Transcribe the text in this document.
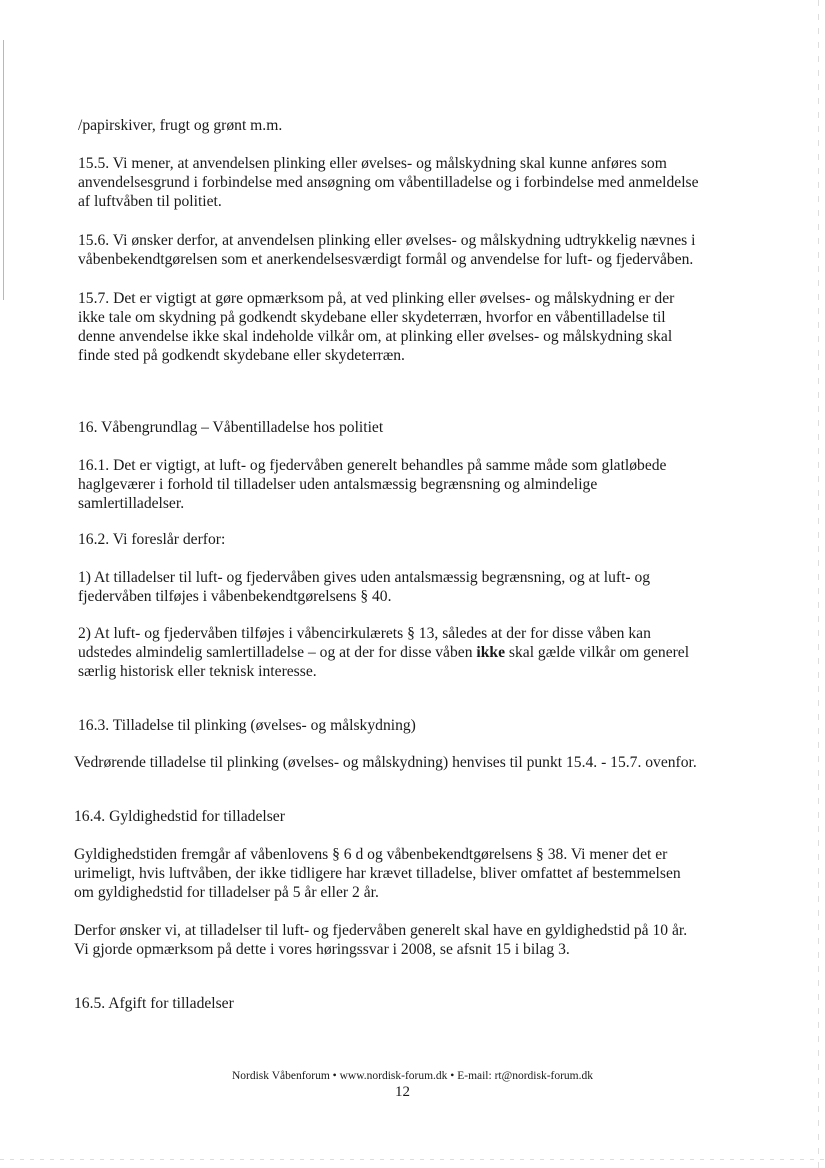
/papirskiver, frugt og grønt m.m.

15.5. Vi mener, at anvendelsen plinking eller øvelses- og målskydning skal kunne anføres som
anvendelsesgrund i forbindelse med ansøgning om våbentilladelse og i forbindelse med anmeldelse
af luftvåben til politiet.

15.6. Vi ønsker derfor, at anvendelsen plinking eller øvelses- og målskydning udtrykkelig nævnes i
våbenbekendtgørelsen som et anerkendelsesværdigt formål og anvendelse for luft- og fjedervåben.

15.7. Det er vigtigt at gøre opmærksom på, at ved plinking eller øvelses- og målskydning er der
ikke tale om skydning på godkendt skydebane eller skydeterræn, hvorfor en våbentilladelse til
denne anvendelse ikke skal indeholde vilkår om, at plinking eller øvelses- og målskydning skal
finde sted på godkendt skydebane eller skydeterræn.

16. Våbengrundlag – Våbentilladelse hos politiet

16.1. Det er vigtigt, at luft- og fjedervåben generelt behandles på samme måde som glatløbede
haglgeværer i forhold til tilladelser uden antalsmæssig begrænsning og almindelige
samlertilladelser.

16.2. Vi foreslår derfor:

1) At tilladelser til luft- og fjedervåben gives uden antalsmæssig begrænsning, og at luft- og
fjedervåben tilføjes i våbenbekendtgørelsens § 40.

2) At luft- og fjedervåben tilføjes i våbencirkulærets § 13, således at der for disse våben kan
udstedes almindelig samlertilladelse – og at der for disse våben ikke skal gælde vilkår om generel
særlig historisk eller teknisk interesse.

16.3. Tilladelse til plinking (øvelses- og målskydning)

Vedrørende tilladelse til plinking (øvelses- og målskydning) henvises til punkt 15.4. - 15.7. ovenfor.

16.4. Gyldighedstid for tilladelser

Gyldighedstiden fremgår af våbenlovens § 6 d og våbenbekendtgørelsens § 38. Vi mener det er
urimeligt, hvis luftvåben, der ikke tidligere har krævet tilladelse, bliver omfattet af bestemmelsen
om gyldighedstid for tilladelser på 5 år eller 2 år.

Derfor ønsker vi, at tilladelser til luft- og fjedervåben generelt skal have en gyldighedstid på 10 år.
Vi gjorde opmærksom på dette i vores høringssvar i 2008, se afsnit 15 i bilag 3.

16.5. Afgift for tilladelser

Nordisk Våbenforum • www.nordisk-forum.dk • E-mail: rt@nordisk-forum.dk
12
